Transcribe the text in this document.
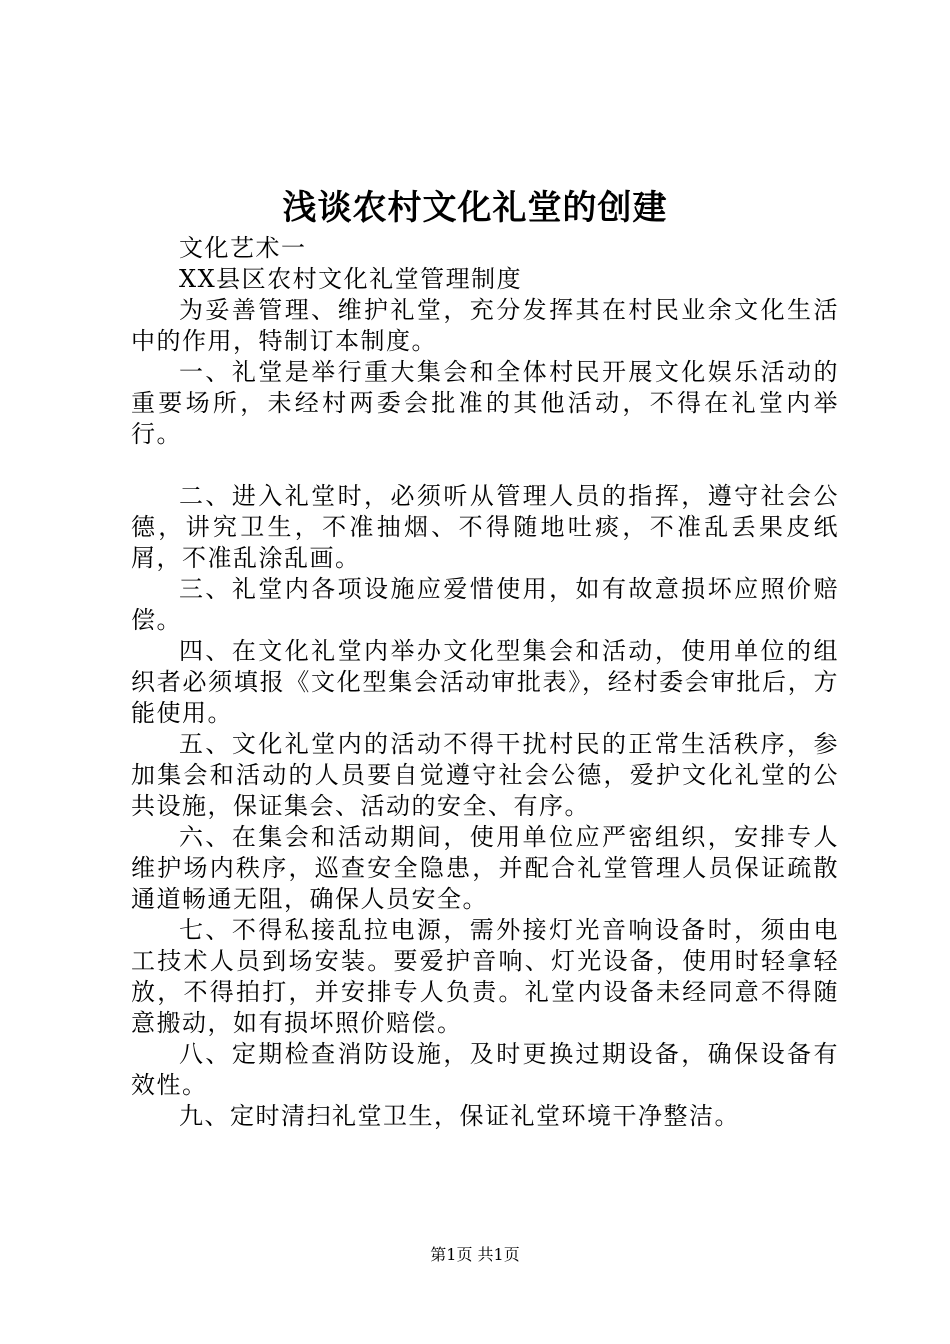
浅谈农村文化礼堂的创建

文化艺术一

XX县区农村文化礼堂管理制度

为妥善管理、维护礼堂，充分发挥其在村民业余文化生活中的作用，特制订本制度。

一、礼堂是举行重大集会和全体村民开展文化娱乐活动的重要场所，未经村两委会批准的其他活动，不得在礼堂内举行。

二、进入礼堂时，必须听从管理人员的指挥，遵守社会公德，讲究卫生，不准抽烟、不得随地吐痰，不准乱丢果皮纸屑，不准乱涂乱画。

三、礼堂内各项设施应爱惜使用，如有故意损坏应照价赔偿。

四、在文化礼堂内举办文化型集会和活动，使用单位的组织者必须填报《文化型集会活动审批表》，经村委会审批后，方能使用。

五、文化礼堂内的活动不得干扰村民的正常生活秩序，参加集会和活动的人员要自觉遵守社会公德，爱护文化礼堂的公共设施，保证集会、活动的安全、有序。

六、在集会和活动期间，使用单位应严密组织，安排专人维护场内秩序，巡查安全隐患，并配合礼堂管理人员保证疏散通道畅通无阻，确保人员安全。

七、不得私接乱拉电源，需外接灯光音响设备时，须由电工技术人员到场安装。要爱护音响、灯光设备，使用时轻拿轻放，不得拍打，并安排专人负责。礼堂内设备未经同意不得随意搬动，如有损坏照价赔偿。

八、定期检查消防设施，及时更换过期设备，确保设备有效性。

九、定时清扫礼堂卫生，保证礼堂环境干净整洁。

第1页 共1页
